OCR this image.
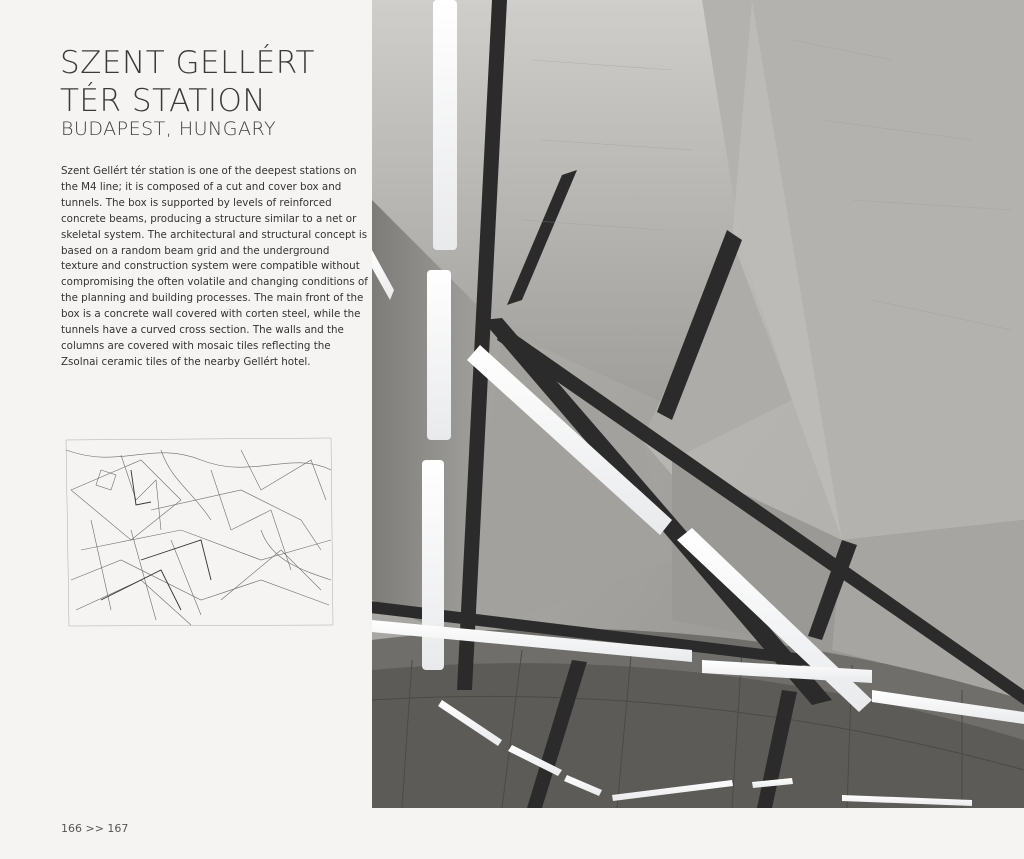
SZENT GELLÉRT
TÉR STATION
BUDAPEST, HUNGARY

Szent Gellért tér station is one of the deepest stations on the M4 line; it is composed of a cut and cover box and tunnels. The box is supported by levels of reinforced concrete beams, producing a structure similar to a net or skeletal system. The architectural and structural concept is based on a random beam grid and the underground texture and construction system were compatible without compromising the often volatile and changing conditions of the planning and building processes. The main front of the box is a concrete wall covered with corten steel, while the tunnels have a curved cross section. The walls and the columns are covered with mosaic tiles reflecting the Zsolnai ceramic tiles of the nearby Gellért hotel.

166 >> 167
